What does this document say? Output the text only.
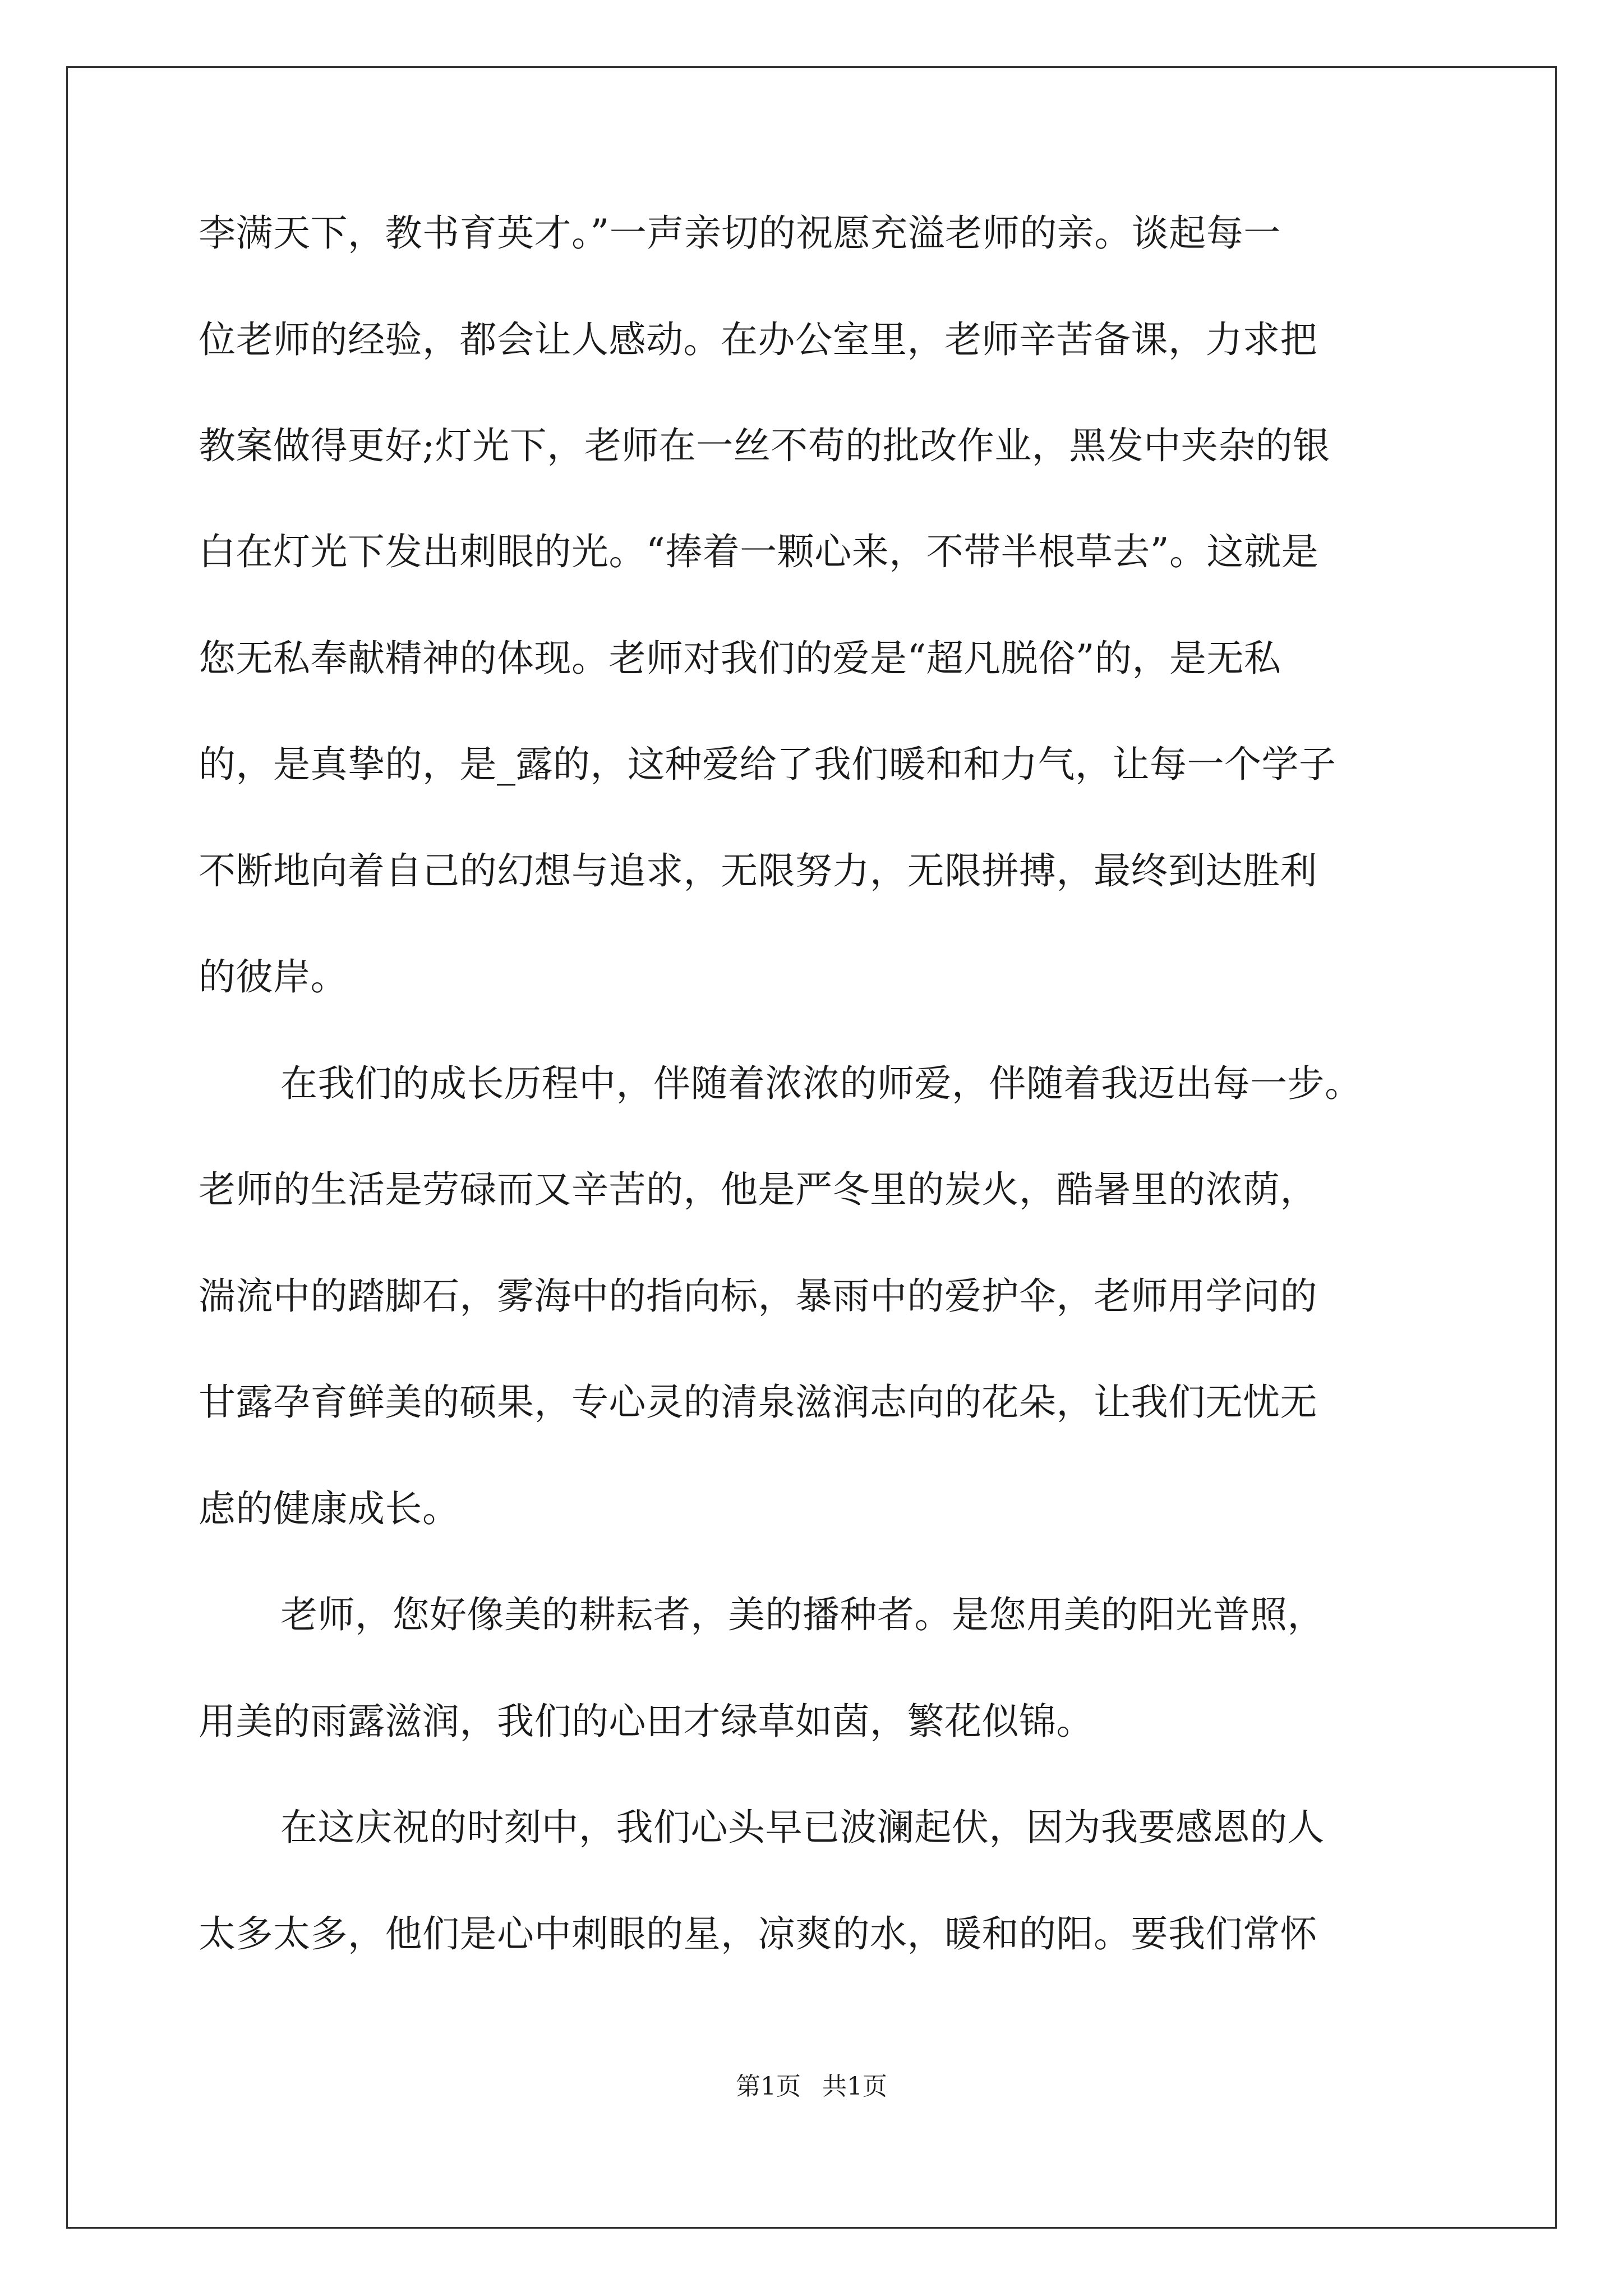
李满天下，教书育英才。”一声亲切的祝愿充溢老师的亲。谈起每一
位老师的经验，都会让人感动。在办公室里，老师辛苦备课，力求把
教案做得更好;灯光下，老师在一丝不苟的批改作业，黑发中夹杂的银
白在灯光下发出刺眼的光。“捧着一颗心来，不带半根草去”。这就是
您无私奉献精神的体现。老师对我们的爱是“超凡脱俗”的，是无私
的，是真挚的，是_露的，这种爱给了我们暖和和力气，让每一个学子
不断地向着自己的幻想与追求，无限努力，无限拼搏，最终到达胜利
的彼岸。
在我们的成长历程中，伴随着浓浓的师爱，伴随着我迈出每一步。
老师的生活是劳碌而又辛苦的，他是严冬里的炭火，酷暑里的浓荫，
湍流中的踏脚石，雾海中的指向标，暴雨中的爱护伞，老师用学问的
甘露孕育鲜美的硕果，专心灵的清泉滋润志向的花朵，让我们无忧无
虑的健康成长。
老师，您好像美的耕耘者，美的播种者。是您用美的阳光普照，
用美的雨露滋润，我们的心田才绿草如茵，繁花似锦。
在这庆祝的时刻中，我们心头早已波澜起伏，因为我要感恩的人
太多太多，他们是心中刺眼的星，凉爽的水，暖和的阳。要我们常怀
第1页 共1页
